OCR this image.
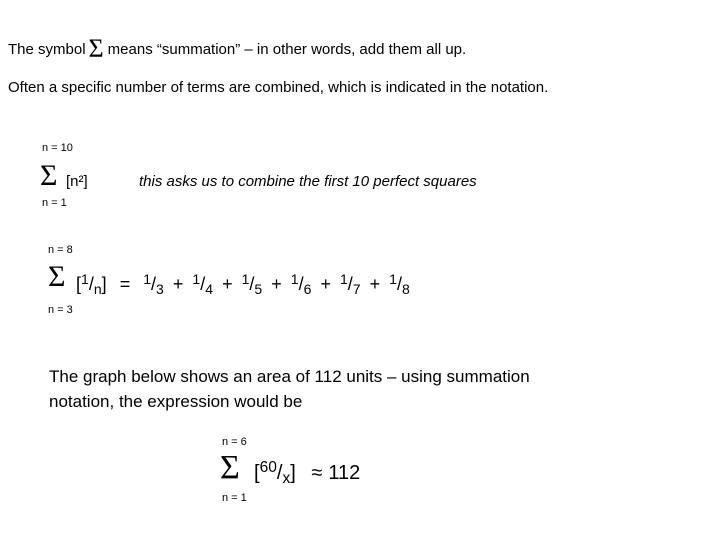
The symbol Σ means “summation” – in other words, add them all up.
Often a specific number of terms are combined, which is indicated in the notation.
n = 10
Σ [n²]
n = 1
this asks us to combine the first 10 perfect squares
n = 8
Σ [$^1$/n] = $^1$/3 + $^1$/4 + $^1$/5 + $^1$/6 + $^1$/7 + $^1$/8
n = 3
The graph below shows an area of 112 units – using summation
notation, the expression would be
n = 6
Σ [$^{60}$/x] ≈ 112
n = 1
